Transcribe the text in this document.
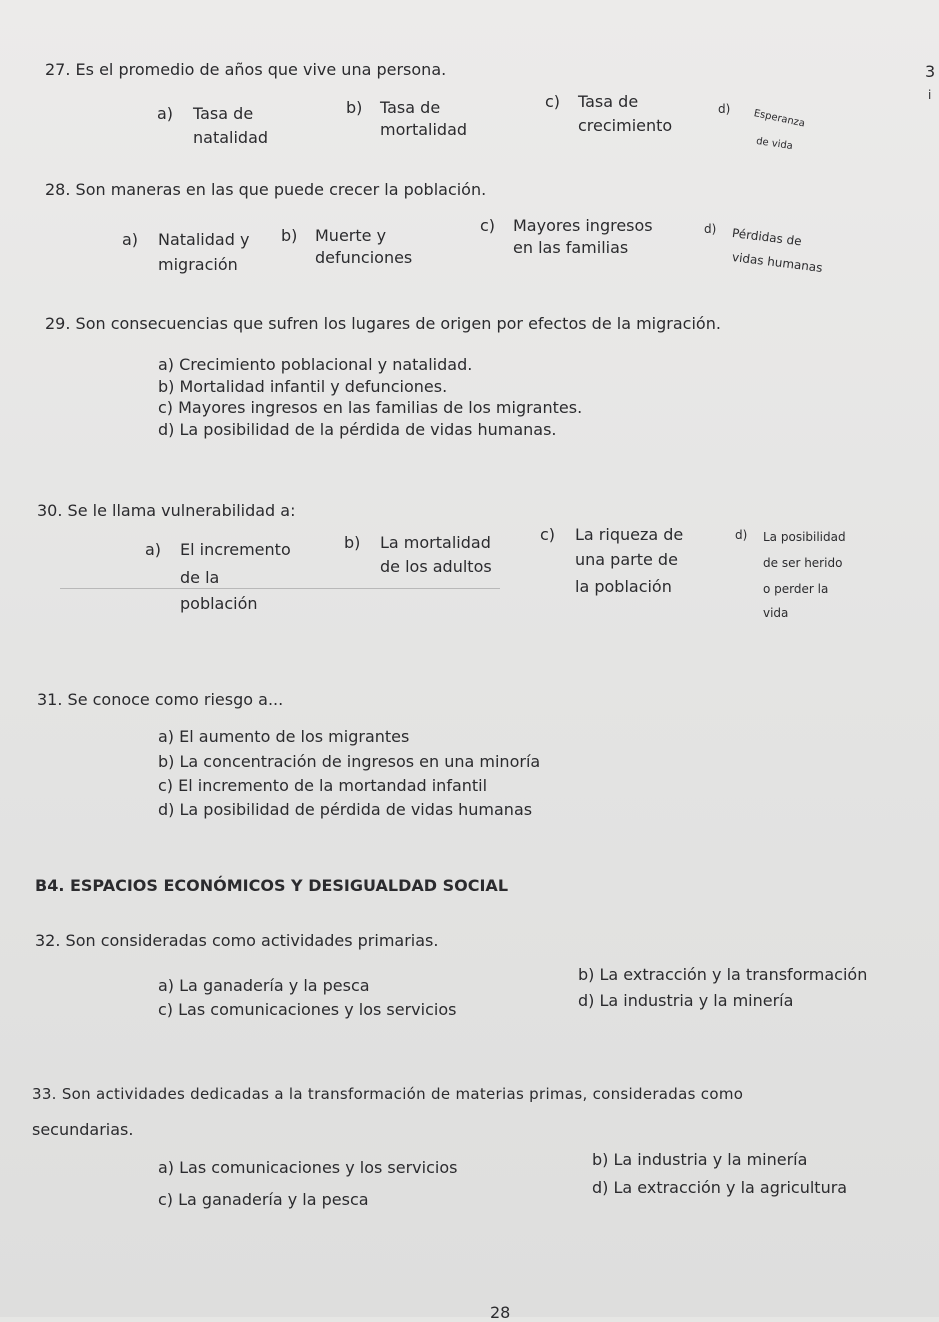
3
i
27. Es el promedio de años que vive una persona.
a) Tasa de
natalidad
b) Tasa de
mortalidad
c) Tasa de
crecimiento
d) Esperanza
de vida
28. Son maneras en las que puede crecer la población.
a) Natalidad y
migración
b) Muerte y
defunciones
c) Mayores ingresos
en las familias
d) Pérdidas de
vidas humanas
29. Son consecuencias que sufren los lugares de origen por efectos de la migración.
a) Crecimiento poblacional y natalidad.
b) Mortalidad infantil y defunciones.
c) Mayores ingresos en las familias de los migrantes.
d) La posibilidad de la pérdida de vidas humanas.
30. Se le llama vulnerabilidad a:
a) El incremento
de la
población
b) La mortalidad
de los adultos
c) La riqueza de
una parte de
la población
d) La posibilidad
de ser herido
o perder la
vida
31. Se conoce como riesgo a...
a) El aumento de los migrantes
b) La concentración de ingresos en una minoría
c) El incremento de la mortandad infantil
d) La posibilidad de pérdida de vidas humanas
B4. ESPACIOS ECONÓMICOS Y DESIGUALDAD SOCIAL
32. Son consideradas como actividades primarias.
a) La ganadería y la pesca
b) La extracción y la transformación
c) Las comunicaciones y los servicios	d) La industria y la minería
33. Son actividades dedicadas a la transformación de materias primas, consideradas como
secundarias.
a) Las comunicaciones y los servicios	b) La industria y la minería
c) La ganadería y la pesca
d) La extracción y la agricultura
28
